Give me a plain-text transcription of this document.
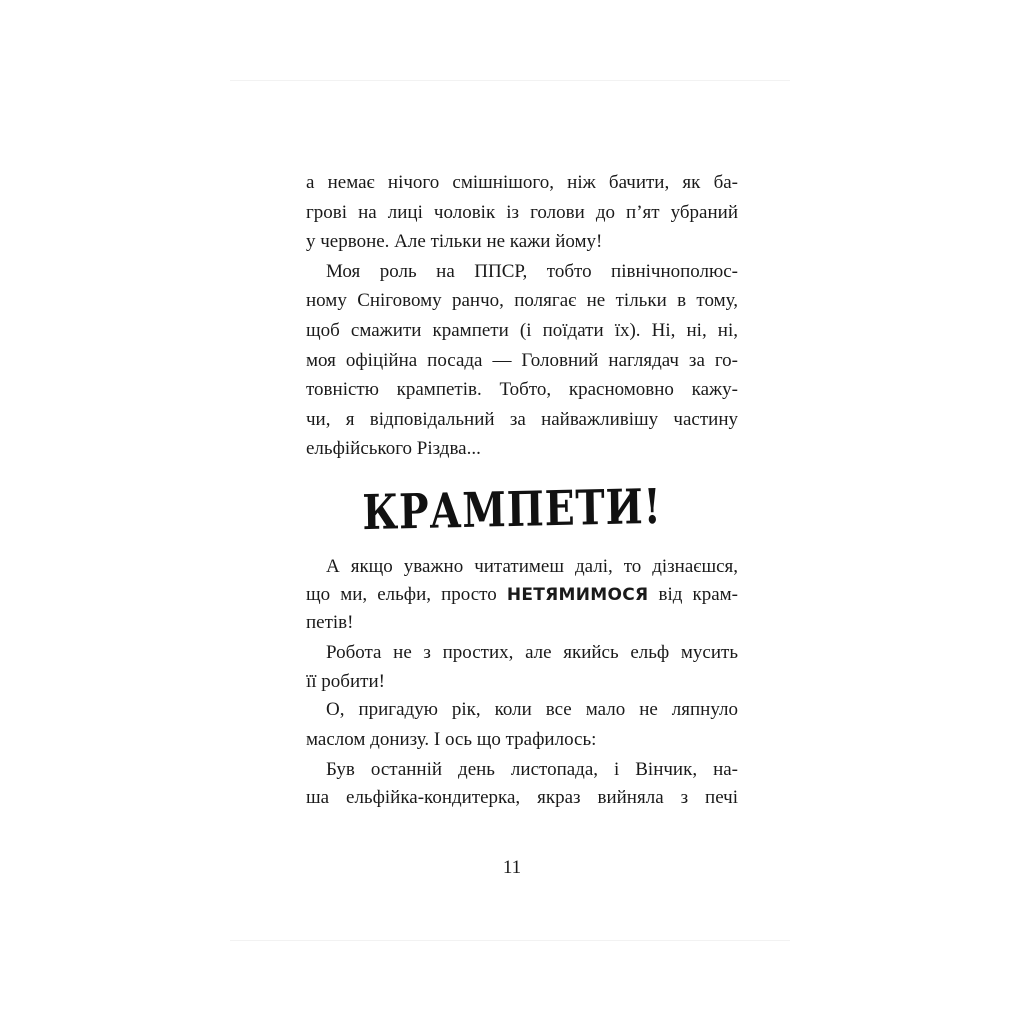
а немає нічого смішнішого, ніж бачити, як ба-
грові на лиці чоловік із голови до п’ят убраний
у червоне. Але тільки не кажи йому!
Моя роль на ППСР, тобто північнополюс-
ному Сніговому ранчо, полягає не тільки в тому,
щоб смажити крампети (і поїдати їх). Ні, ні, ні,
моя офіційна посада — Головний наглядач за го-
товністю крампетів. Тобто, красномовно кажу-
чи, я відповідальний за найважливішу частину
ельфійського Різдва...
КРАМПЕТИ!
А якщо уважно читатимеш далі, то дізнаєшся,
що ми, ельфи, просто НЕТЯМИМОСЯ від крам-
петів!
Робота не з простих, але якийсь ельф мусить
її робити!
О, пригадую рік, коли все мало не ляпнуло
маслом донизу. І ось що трафилось:
Був останній день листопада, і Вінчик, на-
ша ельфійка-кондитерка, якраз вийняла з печі
11
